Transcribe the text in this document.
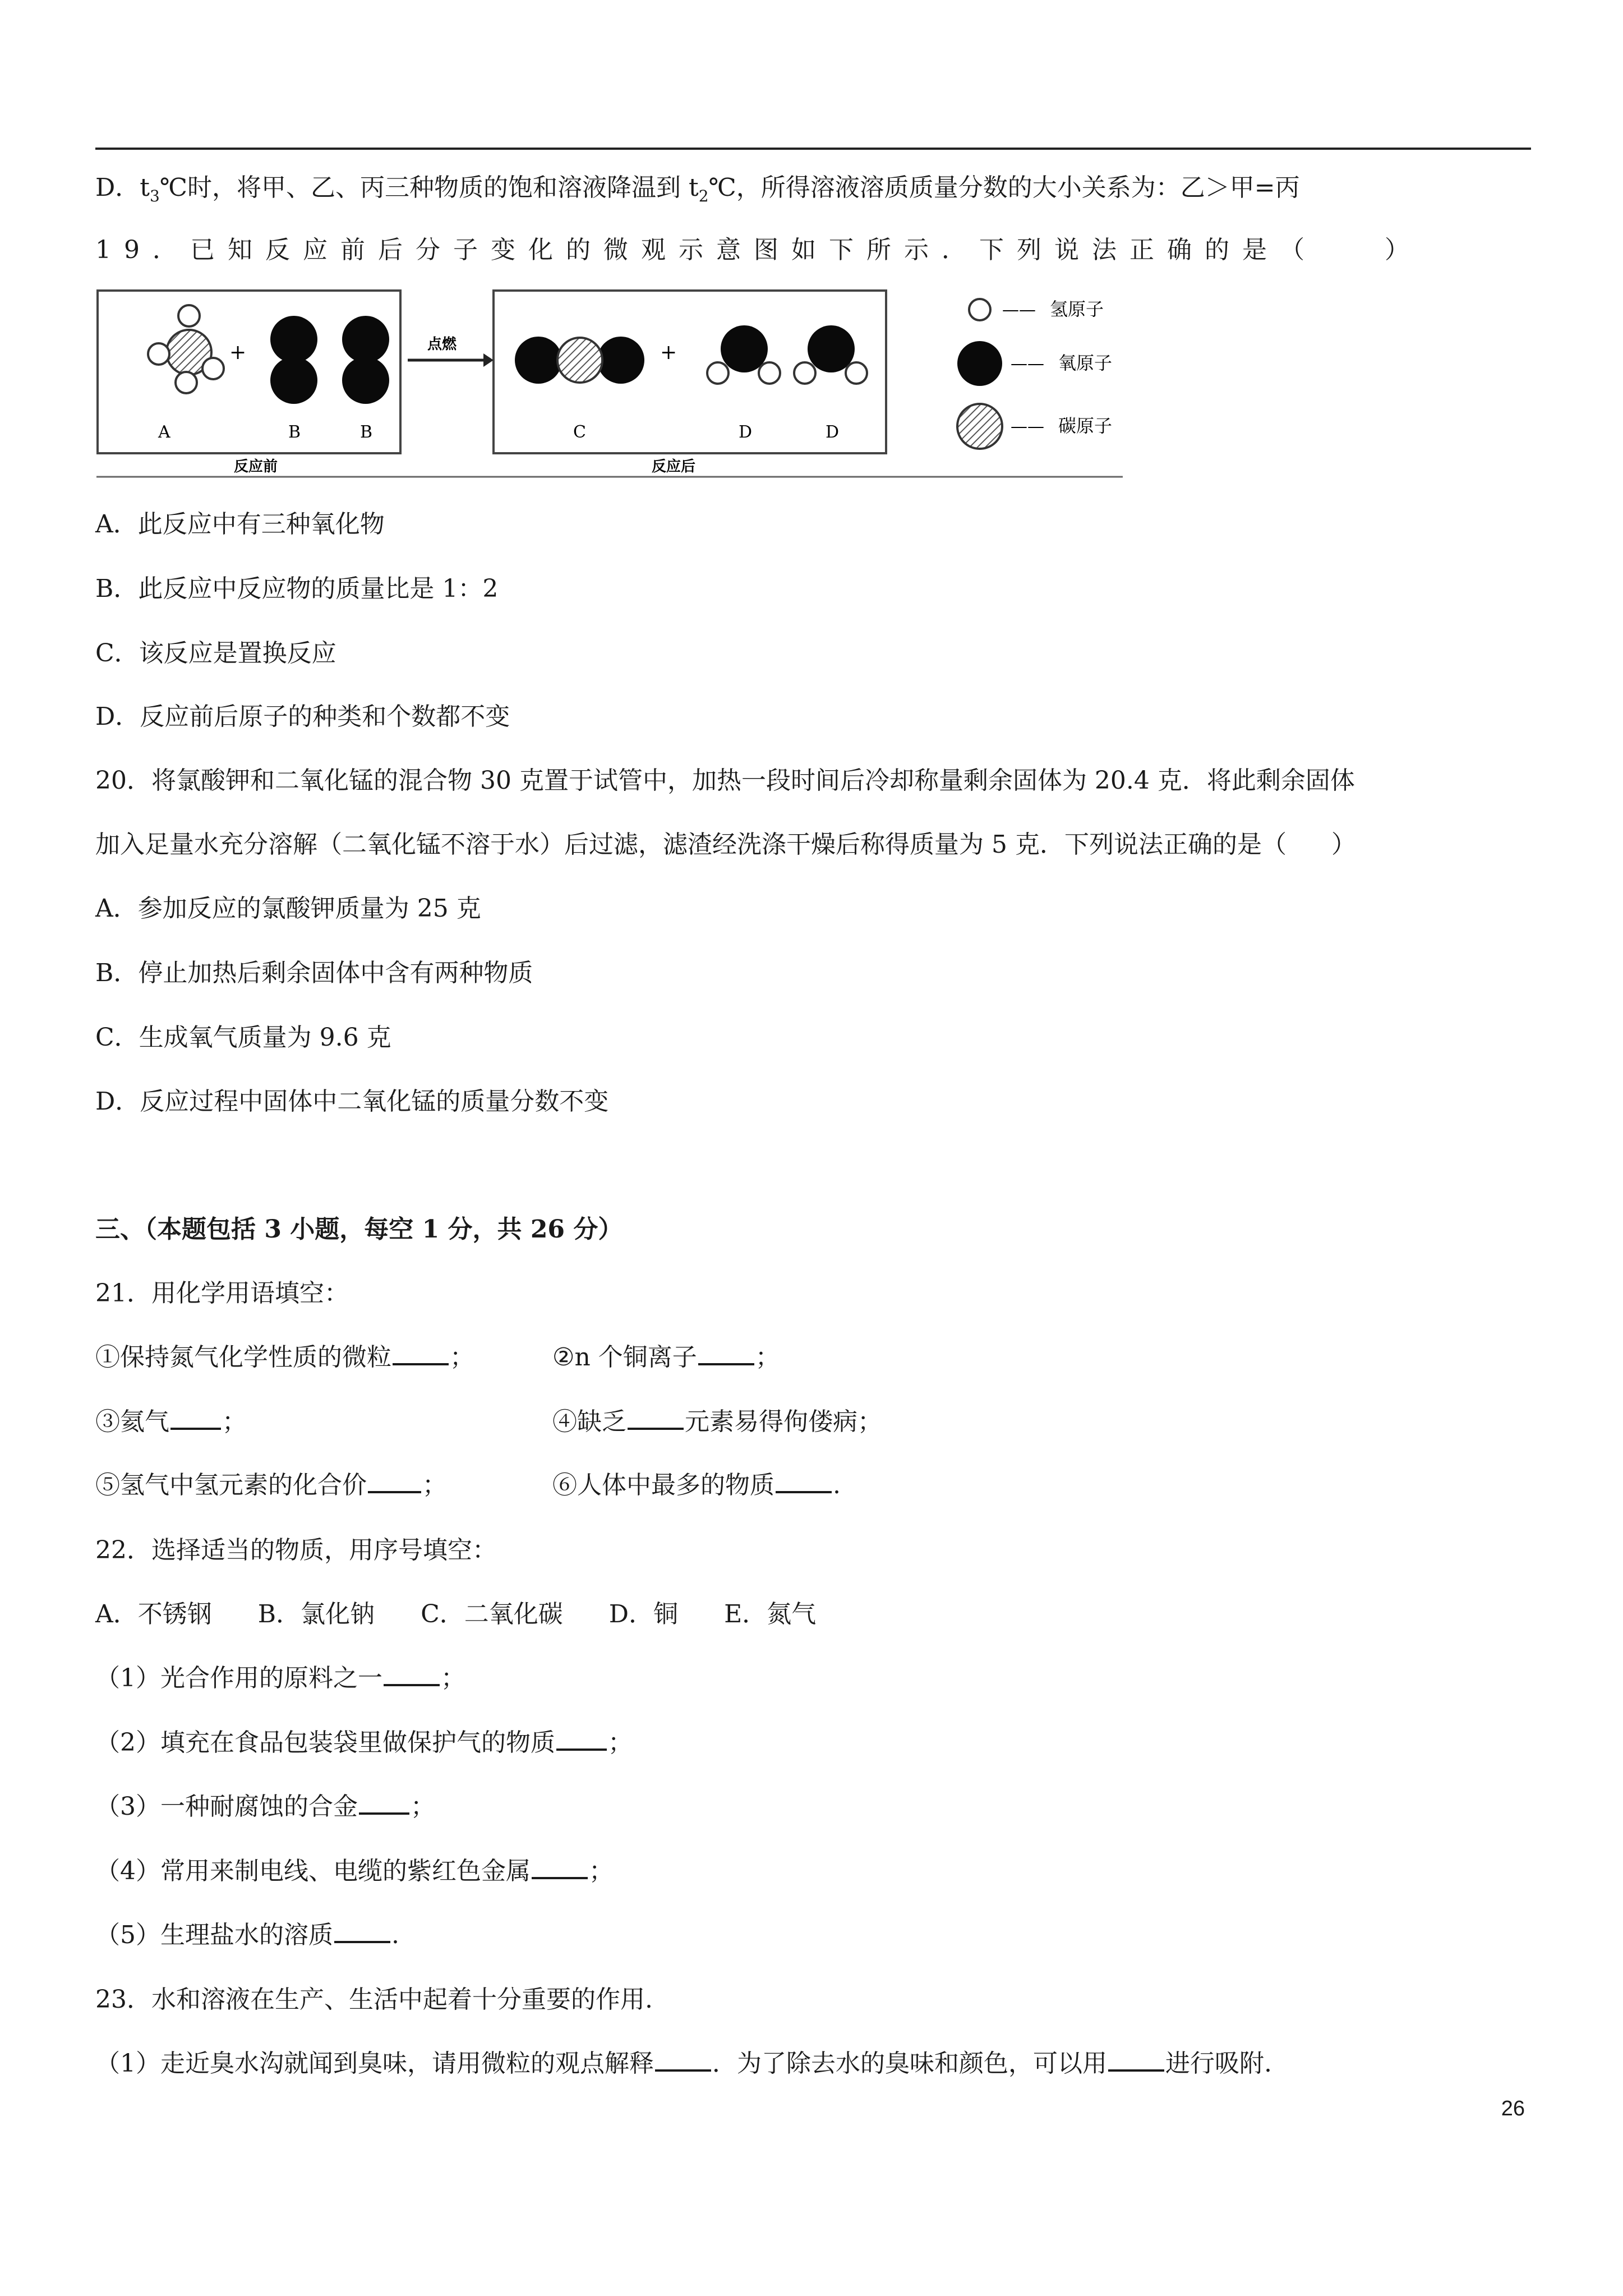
D．$t_3℃$时，将甲、乙、丙三种物质的饱和溶液降温到 $t_2℃$，所得溶液溶质质量分数的大小关系为：乙＞甲=丙
19．已知反应前后分子变化的微观示意图如下所示．下列说法正确的是（	）
A
+
B	B
反应前
点燃
C
+
D	D
反应后
—— 氢原子
—— 氧原子
—— 碳原子
A．此反应中有三种氧化物
B．此反应中反应物的质量比是 1：2
C．该反应是置换反应
D．反应前后原子的种类和个数都不变
20．将氯酸钾和二氧化锰的混合物 30 克置于试管中，加热一段时间后冷却称量剩余固体为 20.4 克．将此剩余固体
加入足量水充分溶解（二氧化锰不溶于水）后过滤，滤渣经洗涤干燥后称得质量为 5 克．下列说法正确的是（ ）
A．参加反应的氯酸钾质量为 25 克
B．停止加热后剩余固体中含有两种物质
C．生成氧气质量为 9.6 克
D．反应过程中固体中二氧化锰的质量分数不变
三、（本题包括 3 小题，每空 1 分，共 26 分）
21．用化学用语填空：
①保持氮气化学性质的微粒 ；	②n 个铜离子 ；
③氦气 ；	④缺乏 元素易得佝偻病；
⑤氢气中氢元素的化合价 ；	⑥人体中最多的物质 .
22．选择适当的物质，用序号填空：
A．不锈钢 B．氯化钠 C．二氧化碳 D．铜 E．氮气
（1）光合作用的原料之一 ；
（2）填充在食品包装袋里做保护气的物质 ；
（3）一种耐腐蚀的合金 ；
（4）常用来制电线、电缆的紫红色金属 ；
（5）生理盐水的溶质 .
23．水和溶液在生产、生活中起着十分重要的作用.
（1）走近臭水沟就闻到臭味，请用微粒的观点解释 ．为了除去水的臭味和颜色，可以用 进行吸附.
26
